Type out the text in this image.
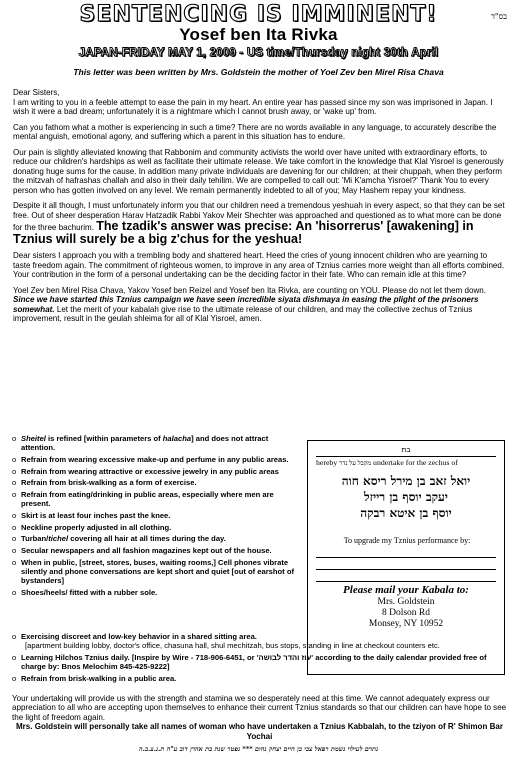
SENTENCING IS IMMINENT!	בס"ד
Yosef ben Ita Rivka
JAPAN-FRIDAY MAY 1, 2009 - US time/Thursday night 30th April
This letter was been written by Mrs. Goldstein the mother of Yoel Zev ben Mirel Risa Chava

Dear Sisters,

I am writing to you in a feeble attempt to ease the pain in my heart. An entire year has passed since my son was imprisoned in Japan. I wish it were a bad dream; unfortunately it is a nightmare which I cannot brush away, or 'wake up' from.

Can you fathom what a mother is experiencing in such a time? There are no words available in any language, to accurately describe the mental anguish, emotional agony, and suffering which a parent in this situation has to endure.

Our pain is slightly alleviated knowing that Rabbonim and community activists the world over have united with extraordinary efforts, to reduce our children's hardships as well as facilitate their ultimate release. We take comfort in the knowledge that Klal Yisroel is generously donating huge sums for the cause. In addition many private individuals are davening for our children; at their chuppah, when they perform the mitzvah of hafrashas challah and also in their daily tehilim. We are compelled to call out: 'Mi K'amcha Yisroel?' Thank You to every person who has gotten involved on any level. We remain permanently indebted to all of you; May Hashem repay your kindness.

Despite it all though, I must unfortunately inform you that our children need a tremendous yeshuah in every aspect, so that they can be set free. Out of sheer desperation Harav Hatzadik Rabbi Yakov Meir Shechter was approached and questioned as to what more can be done for the three bachurim. The tzadik's answer was precise: An 'hisorrerus' [awakening] in Tznius will surely be a big z'chus for the yeshua!

Dear sisters I approach you with a trembling body and shattered heart. Heed the cries of young innocent children who are yearning to taste freedom again. The commitment of righteous women, to improve in any area of Tznius carries more weight than all efforts combined. Your contribution in the form of a personal undertaking can be the deciding factor in their fate. Who can remain idle at this time?

Yoel Zev ben Mirel Risa Chava, Yakov Yosef ben Reizel and Yosef ben Ita Rivka, are counting on YOU. Please do not let them down. Since we have started this Tznius campaign we have seen incredible siyata dishmaya in easing the plight of the prisoners somewhat. Let the merit of your kabalah give rise to the ultimate release of our children, and may the collective zechus of Tznius improvement, result in the geulah shleima for all of Klal Yisroel, amen.

o Sheitel is refined [within parameters of halacha] and does not attract attention.
o Refrain from wearing excessive make-up and perfume in any public areas.
o Refrain from wearing attractive or excessive jewelry in any public areas
o Refrain from brisk-walking as a form of exercise.
o Refrain from eating/drinking in public areas, especially where men are present.
o Skirt is at least four inches past the knee.
o Neckline properly adjusted in all clothing.
o Turban/tichel covering all hair at all times during the day.
o Secular newspapers and all fashion magazines kept out of the house.
o When in public, [street, stores, buses, waiting rooms,] Cell phones vibrate silently and phone conversations are kept short and quiet [out of earshot of bystanders]
o Shoes/heels/ fitted with a rubber sole.
o Exercising discreet and low-key behavior in a shared sitting area.
[apartment building lobby, doctor's office, chasuna hall, shul mechitzah, bus stops, standing in line at checkout counters etc.
o Learning Hilchos Tznius daily. [Inspire by Wire - 718-906-6451, or 'עוז והדר לבושה' according to the daily calendar provided free of charge by: Bnos Melochim 845-425-9222]
o Refrain from brisk-walking in a public area.
בת
hereby מקבל על נדר undertake for the zechus of
יואל זאב בן מירל ריסא חוה
יעקב יוסף בן רייזל
יוסף בן איטא רבקה
To upgrade my Tznius performance by:
Please mail your Kabala to:
Mrs. Goldstein
8 Dolson Rd
Monsey, NY 10952
Your undertaking will provide us with the strength and stamina we so desperately need at this time. We cannot adequately express our appreciation to all who are accepting upon themselves to enhance their current Tznius standards so that our children can have hope to see the light of freedom again.
Mrs. Goldstein will personally take all names of woman who have undertaken a Tznius Kabbalah, to the tziyon of R' Shimon Bar Yochai
נתרם לעילוי נשמת רפאל צבי בן חיים יצחק נחום *** נפטר שנת בת אהרן דוב ע"ה ת.נ.צ.ב.ה
